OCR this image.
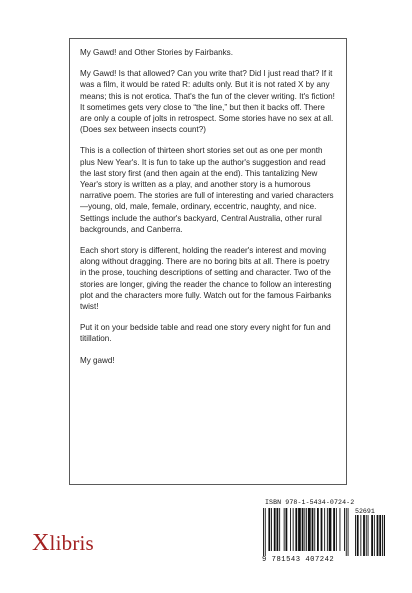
My Gawd! and Other Stories by Fairbanks.

My Gawd! Is that allowed? Can you write that? Did I just read that? If it was a film, it would be rated R: adults only. But it is not rated X by any means; this is not erotica. That's the fun of the clever writing. It's fiction! It sometimes gets very close to “the line,” but then it backs off. There are only a couple of jolts in retrospect. Some stories have no sex at all. (Does sex between insects count?)

This is a collection of thirteen short stories set out as one per month plus New Year's. It is fun to take up the author's suggestion and read the last story first (and then again at the end). This tantalizing New Year's story is written as a play, and another story is a humorous narrative poem. The stories are full of interesting and varied characters—young, old, male, female, ordinary, eccentric, naughty, and nice. Settings include the author's backyard, Central Australia, other rural backgrounds, and Canberra.

Each short story is different, holding the reader's interest and moving along without dragging. There are no boring bits at all. There is poetry in the prose, touching descriptions of setting and character. Two of the stories are longer, giving the reader the chance to follow an interesting plot and the characters more fully. Watch out for the famous Fairbanks twist!

Put it on your bedside table and read one story every night for fun and titillation.

My gawd!

Xlibris
ISBN 978-1-5434-0724-2
52691
9 781543 407242
